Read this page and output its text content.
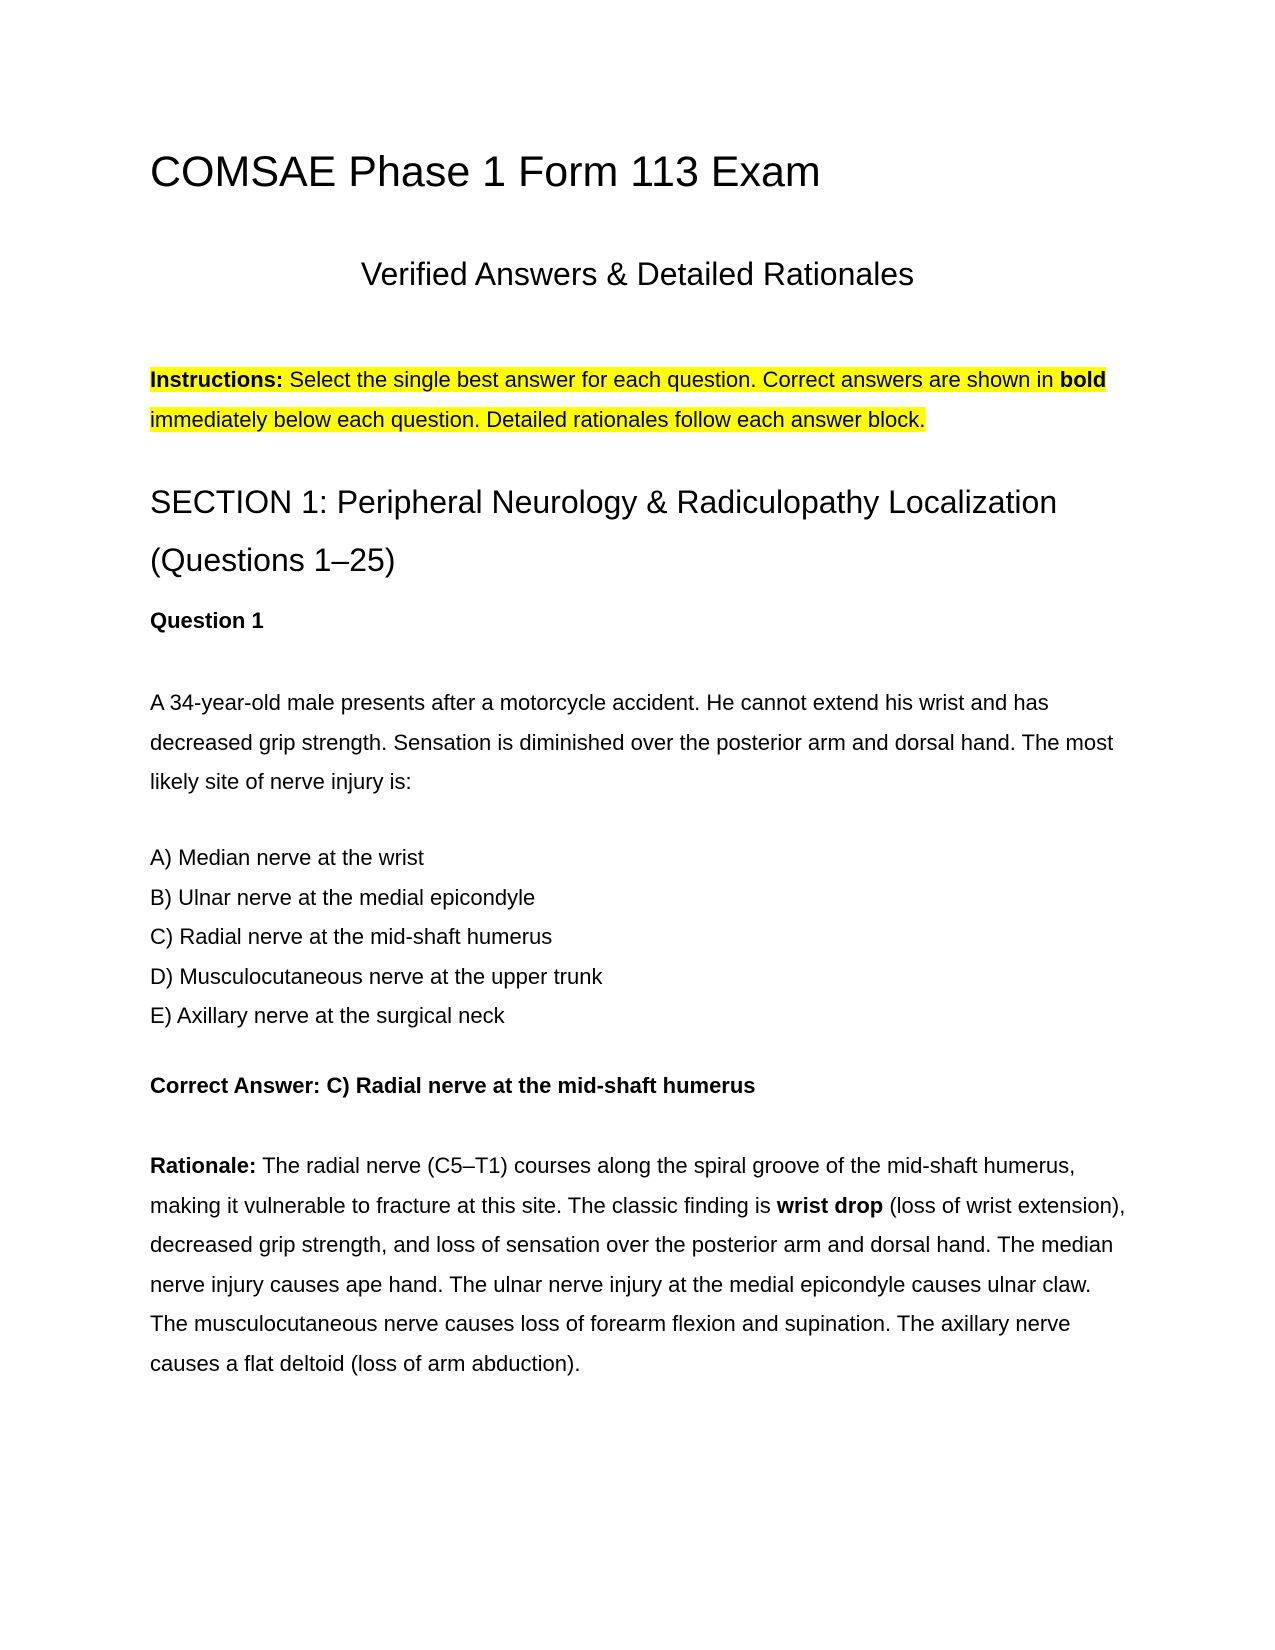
COMSAE Phase 1 Form 113 Exam
Verified Answers & Detailed Rationales

Instructions: Select the single best answer for each question. Correct answers are shown in bold immediately below each question. Detailed rationales follow each answer block.

SECTION 1: Peripheral Neurology & Radiculopathy Localization (Questions 1–25)
Question 1

A 34-year-old male presents after a motorcycle accident. He cannot extend his wrist and has decreased grip strength. Sensation is diminished over the posterior arm and dorsal hand. The most likely site of nerve injury is:

A) Median nerve at the wrist
B) Ulnar nerve at the medial epicondyle
C) Radial nerve at the mid-shaft humerus
D) Musculocutaneous nerve at the upper trunk
E) Axillary nerve at the surgical neck

Correct Answer: C) Radial nerve at the mid-shaft humerus

Rationale: The radial nerve (C5–T1) courses along the spiral groove of the mid-shaft humerus, making it vulnerable to fracture at this site. The classic finding is wrist drop (loss of wrist extension), decreased grip strength, and loss of sensation over the posterior arm and dorsal hand. The median nerve injury causes ape hand. The ulnar nerve injury at the medial epicondyle causes ulnar claw. The musculocutaneous nerve causes loss of forearm flexion and supination. The axillary nerve causes a flat deltoid (loss of arm abduction).
